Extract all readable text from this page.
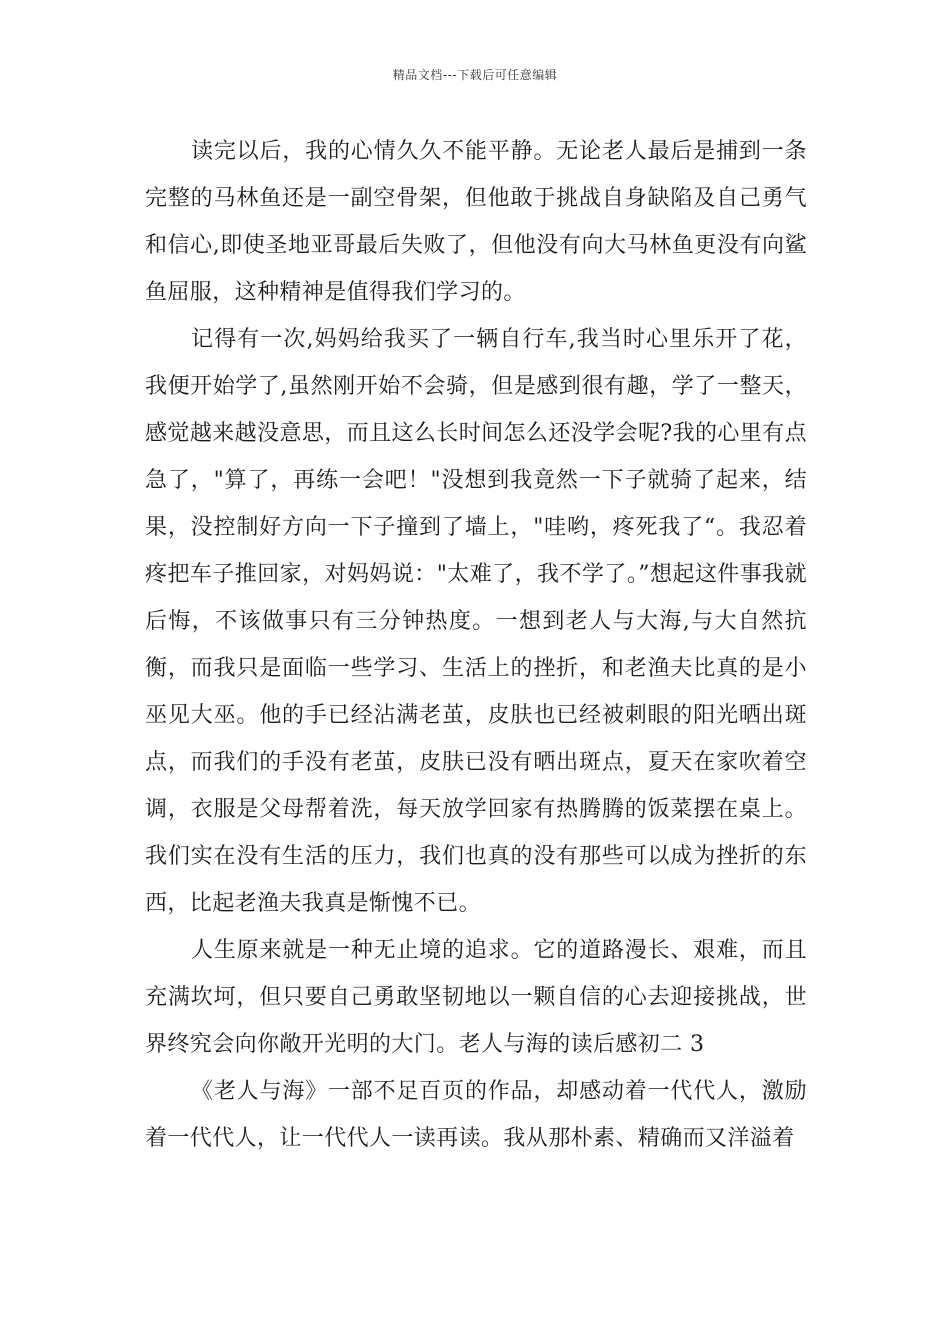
精品文档---下载后可任意编辑

读完以后，我的心情久久不能平静。无论老人最后是捕到一条完整的马林鱼还是一副空骨架，但他敢于挑战自身缺陷及自己勇气和信心,即使圣地亚哥最后失败了，但他没有向大马林鱼更没有向鲨鱼屈服，这种精神是值得我们学习的。

记得有一次,妈妈给我买了一辆自行车,我当时心里乐开了花，我便开始学了,虽然刚开始不会骑，但是感到很有趣，学了一整天，感觉越来越没意思，而且这么长时间怎么还没学会呢?我的心里有点急了，"算了，再练一会吧！"没想到我竟然一下子就骑了起来，结果，没控制好方向一下子撞到了墙上，"哇哟，疼死我了“。我忍着疼把车子推回家，对妈妈说："太难了，我不学了。”想起这件事我就后悔，不该做事只有三分钟热度。一想到老人与大海,与大自然抗衡，而我只是面临一些学习、生活上的挫折，和老渔夫比真的是小巫见大巫。他的手已经沾满老茧，皮肤也已经被刺眼的阳光晒出斑点，而我们的手没有老茧，皮肤已没有晒出斑点，夏天在家吹着空调，衣服是父母帮着洗，每天放学回家有热腾腾的饭菜摆在桌上。我们实在没有生活的压力，我们也真的没有那些可以成为挫折的东西，比起老渔夫我真是惭愧不已。

人生原来就是一种无止境的追求。它的道路漫长、艰难，而且充满坎坷，但只要自己勇敢坚韧地以一颗自信的心去迎接挑战，世界终究会向你敞开光明的大门。老人与海的读后感初二 3

《老人与海》一部不足百页的作品，却感动着一代代人，激励着一代代人，让一代代人一读再读。我从那朴素、精确而又洋溢着
